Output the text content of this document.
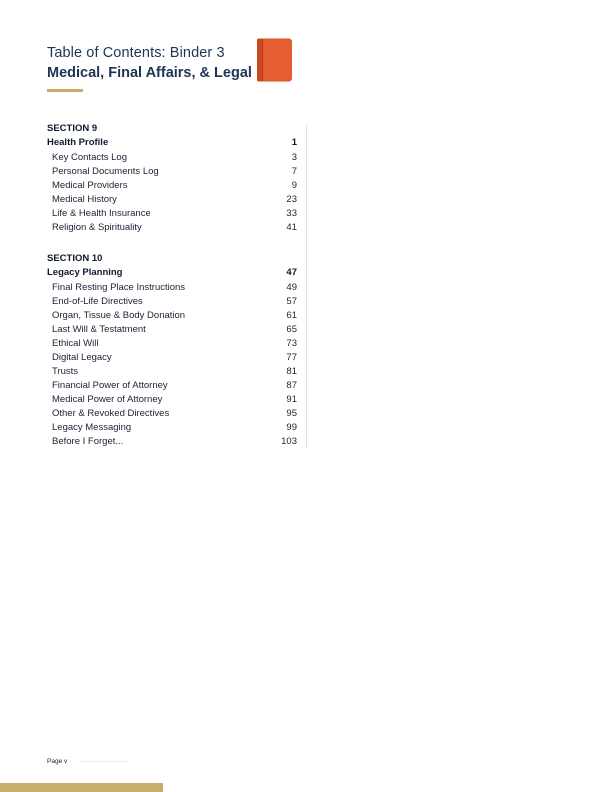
Table of Contents: Binder 3
Medical, Final Affairs, & Legal
SECTION 9
Health Profile	1
Key Contacts Log	3
Personal Documents Log	7
Medical Providers	9
Medical History	23
Life & Health Insurance	33
Religion & Spirituality	41
SECTION 10
Legacy Planning	47
Final Resting Place Instructions	49
End-of-Life Directives	57
Organ, Tissue & Body Donation	61
Last Will & Testatment	65
Ethical Will	73
Digital Legacy	77
Trusts	81
Financial Power of Attorney	87
Medical Power of Attorney	91
Other & Revoked Directives	95
Legacy Messaging	99
Before I Forget...	103
Page v
